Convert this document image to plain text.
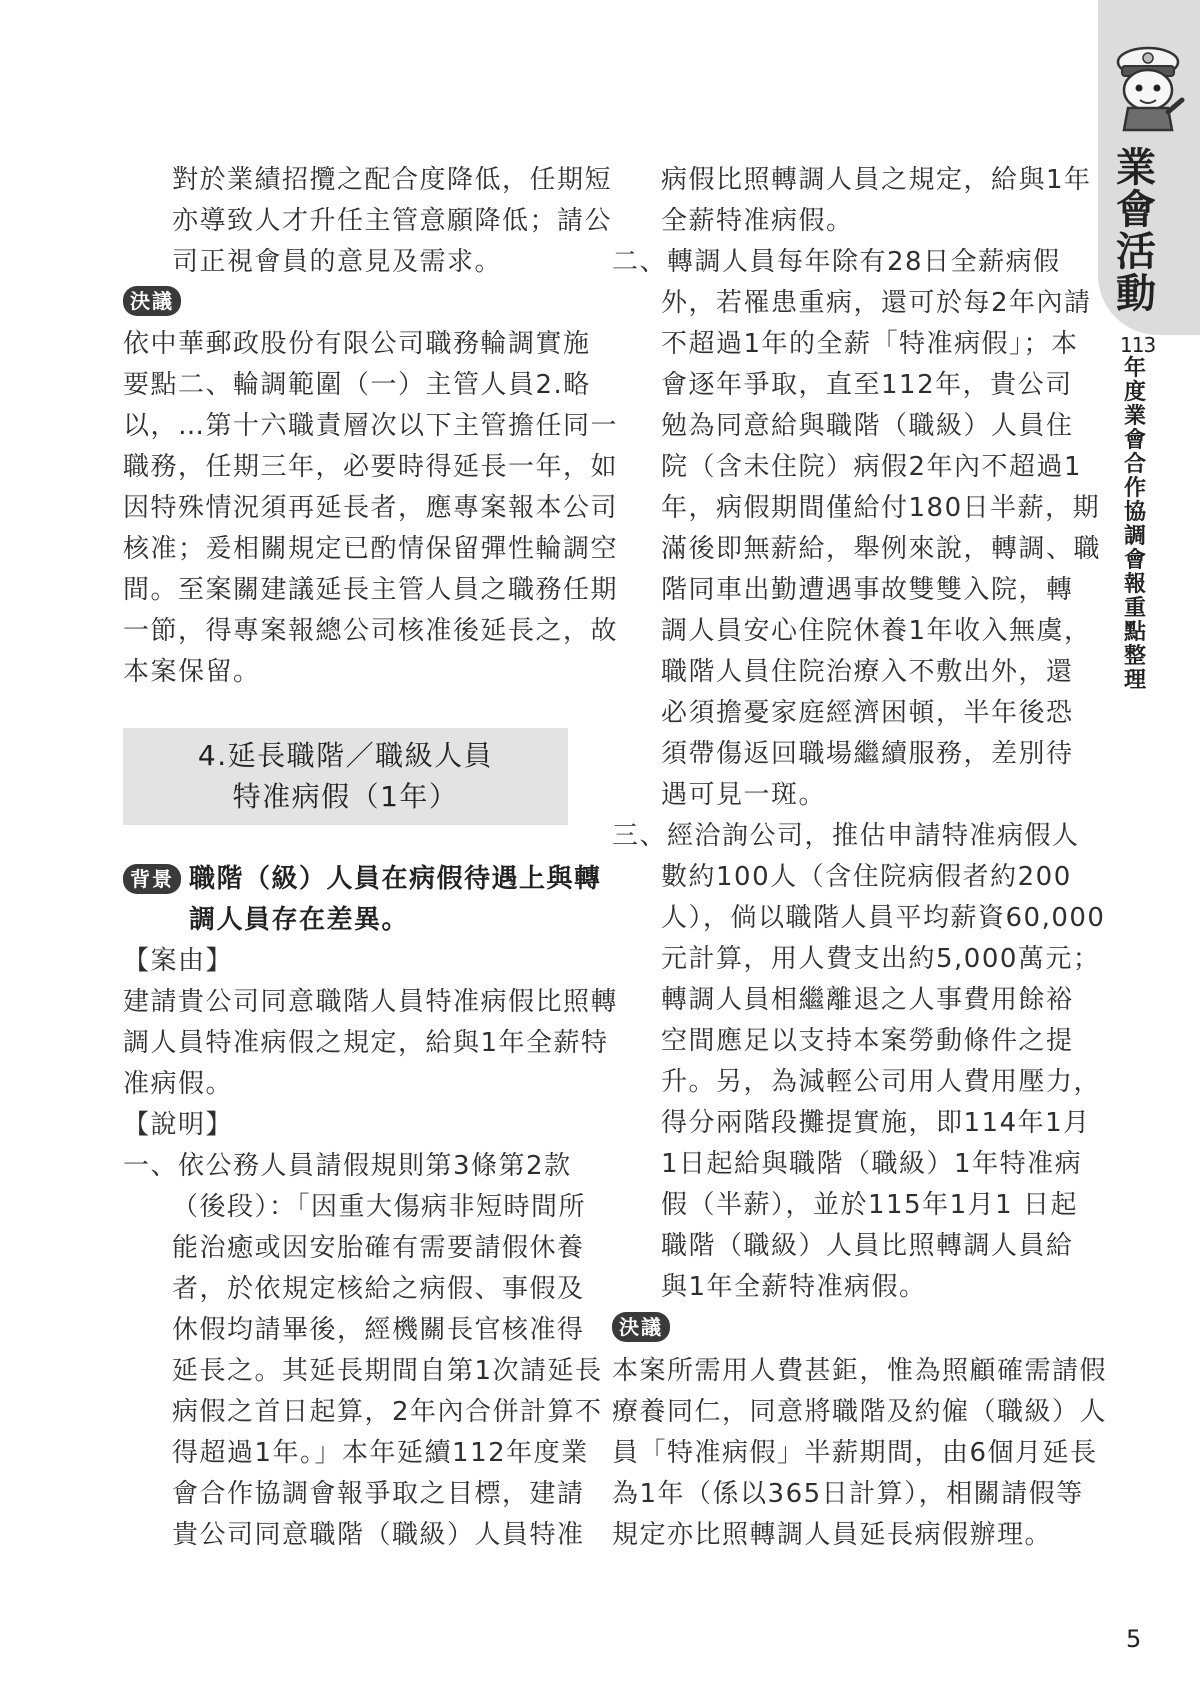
業
會
活
動
113
年
度
業
會
合
作
協
調
會
報
重
點
整
理
對於業績招攬之配合度降低，任期短
亦導致人才升任主管意願降低；請公
司正視會員的意見及需求。
決議
依中華郵政股份有限公司職務輪調實施
要點二、輪調範圍（一）主管人員2.略
以，…第十六職責層次以下主管擔任同一
職務，任期三年，必要時得延長一年，如
因特殊情況須再延長者，應專案報本公司
核准；爰相關規定已酌情保留彈性輪調空
間。至案關建議延長主管人員之職務任期
一節，得專案報總公司核准後延長之，故
本案保留。
4.延長職階／職級人員
特准病假（1年）
背景 職階（級）人員在病假待遇上與轉
調人員存在差異。
【案由】
建請貴公司同意職階人員特准病假比照轉
調人員特准病假之規定，給與1年全薪特
准病假。
【說明】
一、依公務人員請假規則第3條第2款
（後段）：「因重大傷病非短時間所
能治癒或因安胎確有需要請假休養
者，於依規定核給之病假、事假及
休假均請畢後，經機關長官核准得
延長之。其延長期間自第1次請延長
病假之首日起算，2年內合併計算不
得超過1年。」本年延續112年度業
會合作協調會報爭取之目標，建請
貴公司同意職階（職級）人員特准
病假比照轉調人員之規定，給與1年
全薪特准病假。
二、轉調人員每年除有28日全薪病假
外，若罹患重病，還可於每2年內請
不超過1年的全薪「特准病假」；本
會逐年爭取，直至112年，貴公司
勉為同意給與職階（職級）人員住
院（含未住院）病假2年內不超過1
年，病假期間僅給付180日半薪，期
滿後即無薪給，舉例來說，轉調、職
階同車出勤遭遇事故雙雙入院，轉
調人員安心住院休養1年收入無虞，
職階人員住院治療入不敷出外，還
必須擔憂家庭經濟困頓，半年後恐
須帶傷返回職場繼續服務，差別待
遇可見一斑。
三、經洽詢公司，推估申請特准病假人
數約100人（含住院病假者約200
人），倘以職階人員平均薪資60,000
元計算，用人費支出約5,000萬元；
轉調人員相繼離退之人事費用餘裕
空間應足以支持本案勞動條件之提
升。另，為減輕公司用人費用壓力，
得分兩階段攤提實施，即114年1月
1日起給與職階（職級）1年特准病
假（半薪），並於115年1月1 日起
職階（職級）人員比照轉調人員給
與1年全薪特准病假。
決議
本案所需用人費甚鉅，惟為照顧確需請假
療養同仁，同意將職階及約僱（職級）人
員「特准病假」半薪期間，由6個月延長
為1年（係以365日計算），相關請假等
規定亦比照轉調人員延長病假辦理。
5
